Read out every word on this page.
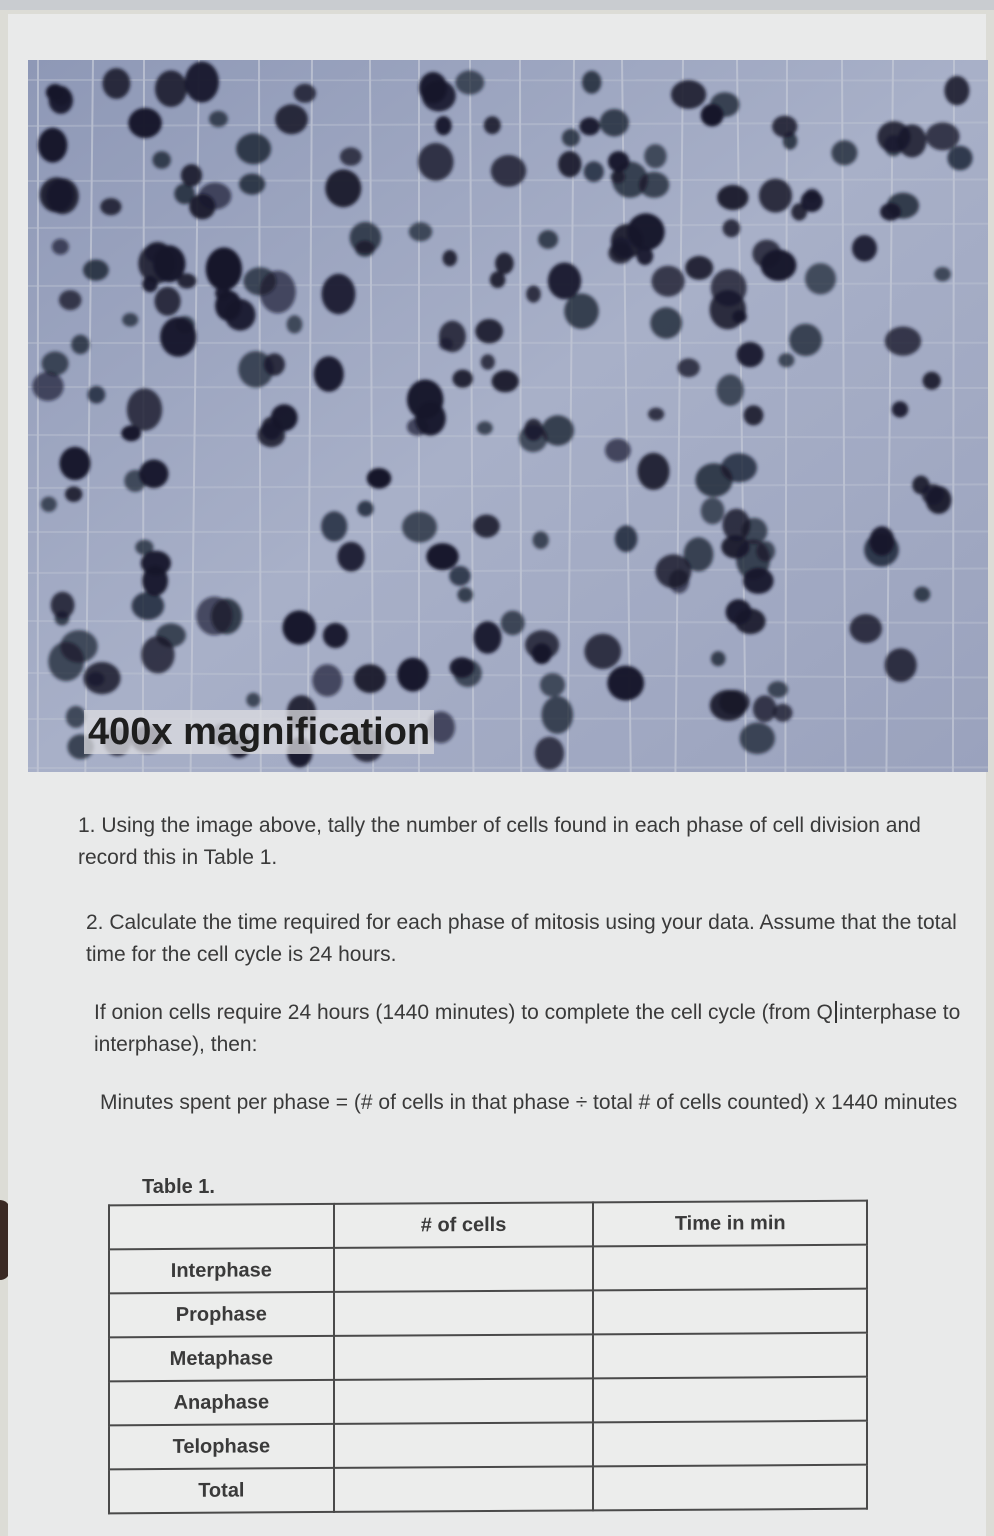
400x magnification
1. Using the image above, tally the number of cells found in each phase of cell division and record this in Table 1.
2. Calculate the time required for each phase of mitosis using your data. Assume that the total time for the cell cycle is 24 hours.
If onion cells require 24 hours (1440 minutes) to complete the cell cycle (from Q interphase to interphase), then:
Minutes spent per phase = (# of cells in that phase ÷ total # of cells counted) x 1440 minutes
Table 1.
	# of cells	Time in min
Interphase		
Prophase		
Metaphase		
Anaphase		
Telophase		
Total		
